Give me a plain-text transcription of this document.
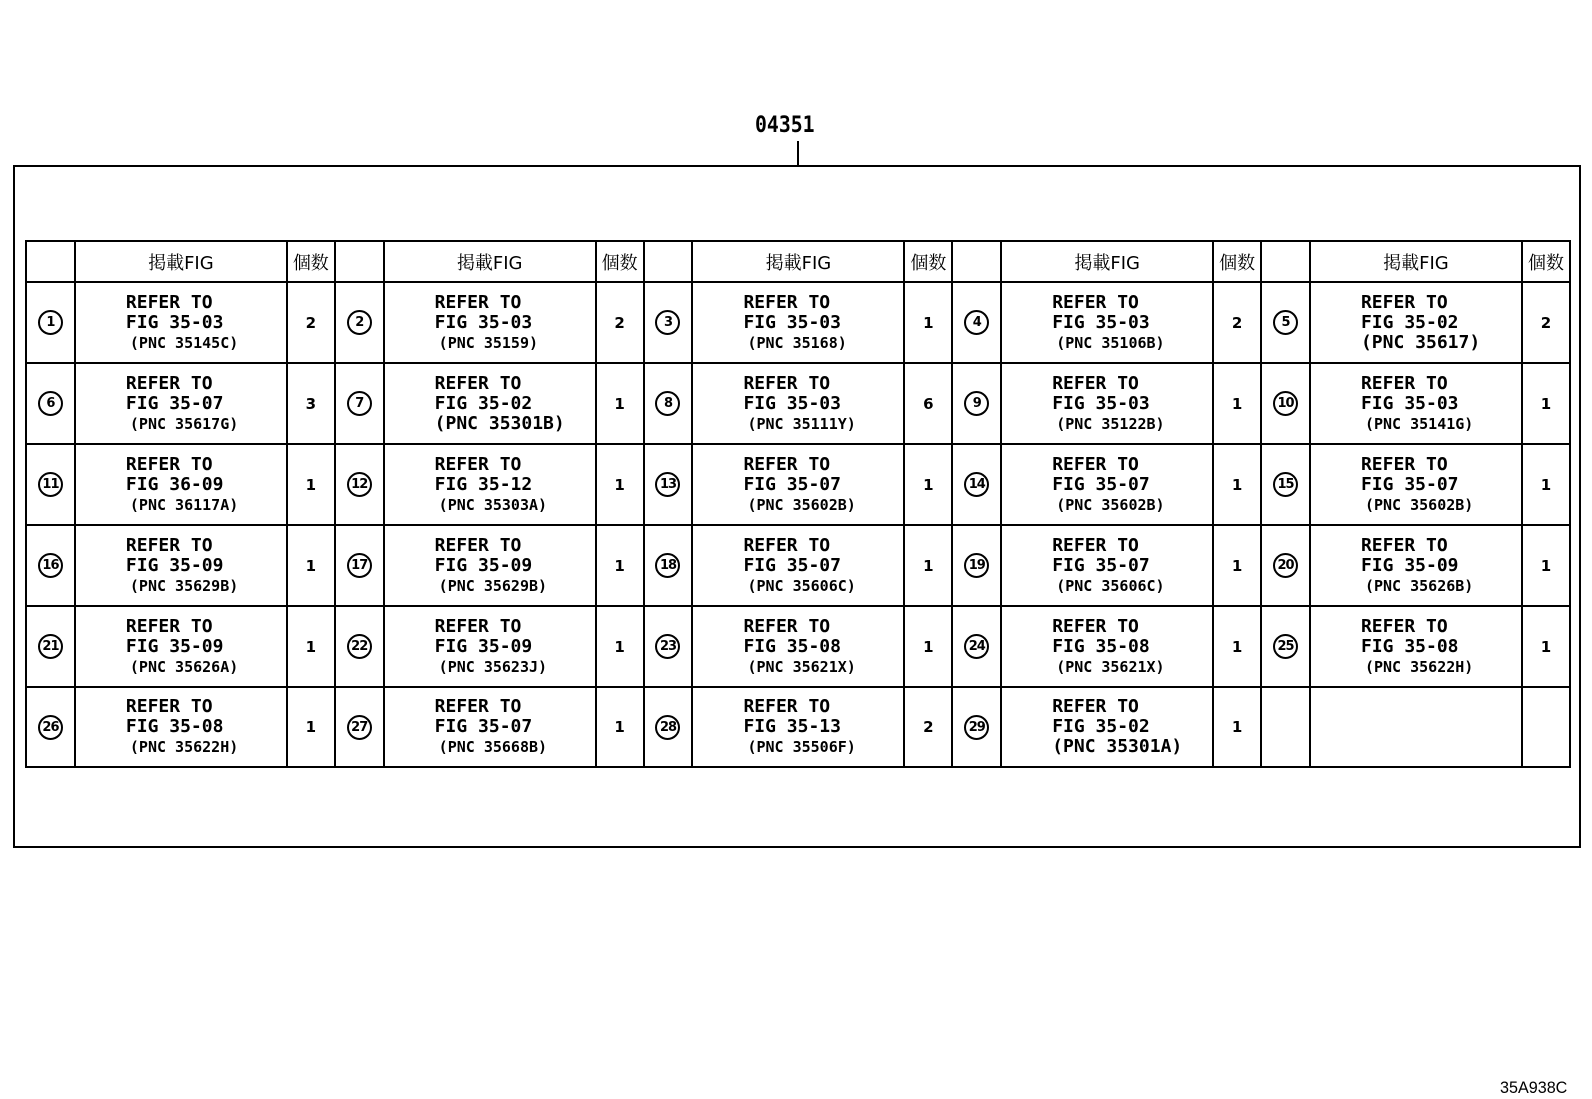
04351
	掲載FIG	個数		掲載FIG	個数		掲載FIG	個数		掲載FIG	個数		掲載FIG	個数
1	REFER TO
FIG 35-03
(PNC 35145C)	2	2	REFER TO
FIG 35-03
(PNC 35159)	2	3	REFER TO
FIG 35-03
(PNC 35168)	1	4	REFER TO
FIG 35-03
(PNC 35106B)	2	5	REFER TO
FIG 35-02
(PNC 35617)	2
6	REFER TO
FIG 35-07
(PNC 35617G)	3	7	REFER TO
FIG 35-02
(PNC 35301B)	1	8	REFER TO
FIG 35-03
(PNC 35111Y)	6	9	REFER TO
FIG 35-03
(PNC 35122B)	1	10	REFER TO
FIG 35-03
(PNC 35141G)	1
11	REFER TO
FIG 36-09
(PNC 36117A)	1	12	REFER TO
FIG 35-12
(PNC 35303A)	1	13	REFER TO
FIG 35-07
(PNC 35602B)	1	14	REFER TO
FIG 35-07
(PNC 35602B)	1	15	REFER TO
FIG 35-07
(PNC 35602B)	1
16	REFER TO
FIG 35-09
(PNC 35629B)	1	17	REFER TO
FIG 35-09
(PNC 35629B)	1	18	REFER TO
FIG 35-07
(PNC 35606C)	1	19	REFER TO
FIG 35-07
(PNC 35606C)	1	20	REFER TO
FIG 35-09
(PNC 35626B)	1
21	REFER TO
FIG 35-09
(PNC 35626A)	1	22	REFER TO
FIG 35-09
(PNC 35623J)	1	23	REFER TO
FIG 35-08
(PNC 35621X)	1	24	REFER TO
FIG 35-08
(PNC 35621X)	1	25	REFER TO
FIG 35-08
(PNC 35622H)	1
26	REFER TO
FIG 35-08
(PNC 35622H)	1	27	REFER TO
FIG 35-07
(PNC 35668B)	1	28	REFER TO
FIG 35-13
(PNC 35506F)	2	29	REFER TO
FIG 35-02
(PNC 35301A)	1			
35A938C
